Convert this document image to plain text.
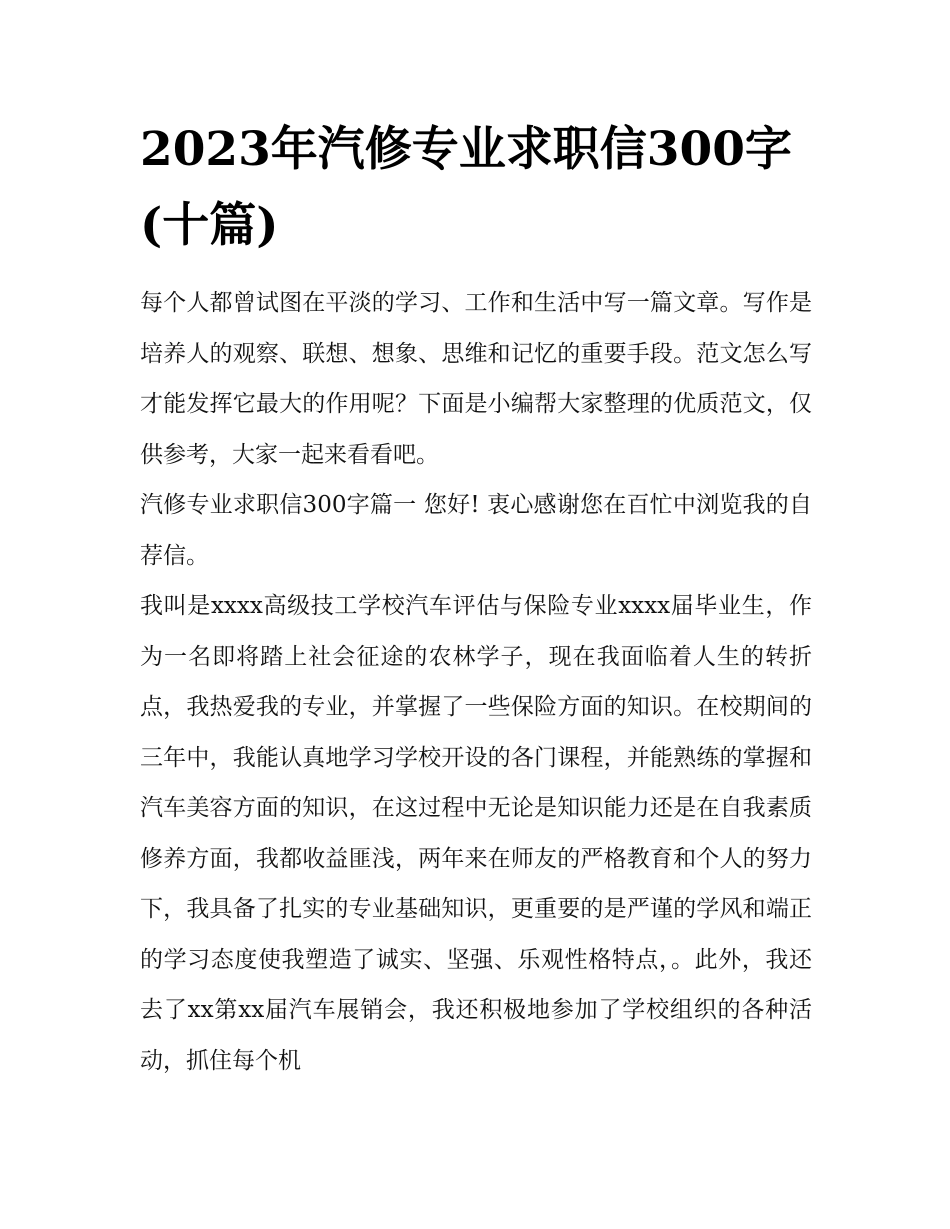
2023年汽修专业求职信300字(十篇)

每个人都曾试图在平淡的学习、工作和生活中写一篇文章。写作是培养人的观察、联想、想象、思维和记忆的重要手段。范文怎么写才能发挥它最大的作用呢？下面是小编帮大家整理的优质范文，仅供参考，大家一起来看看吧。

汽修专业求职信300字篇一 您好! 衷心感谢您在百忙中浏览我的自荐信。

我叫是xxxx高级技工学校汽车评估与保险专业xxxx届毕业生，作为一名即将踏上社会征途的农林学子，现在我面临着人生的转折点，我热爱我的专业，并掌握了一些保险方面的知识。在校期间的三年中，我能认真地学习学校开设的各门课程，并能熟练的掌握和汽车美容方面的知识，在这过程中无论是知识能力还是在自我素质修养方面，我都收益匪浅，两年来在师友的严格教育和个人的努力下，我具备了扎实的专业基础知识，更重要的是严谨的学风和端正的学习态度使我塑造了诚实、坚强、乐观性格特点，。此外，我还去了xx第xx届汽车展销会，我还积极地参加了学校组织的各种活动，抓住每个机
